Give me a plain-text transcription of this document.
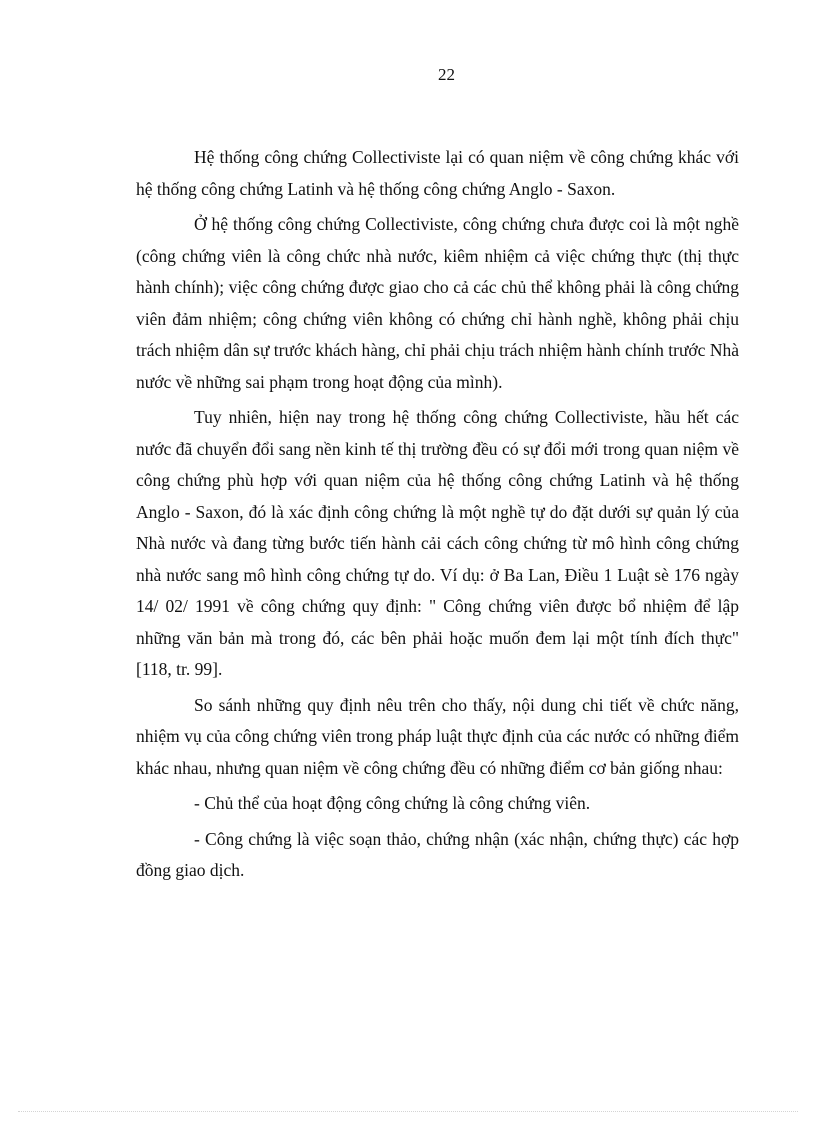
22

Hệ thống công chứng Collectiviste lại có quan niệm về công chứng khác với hệ thống công chứng Latinh và hệ thống công chứng Anglo - Saxon.

Ở hệ thống công chứng Collectiviste, công chứng chưa được coi là một nghề (công chứng viên là công chức nhà nước, kiêm nhiệm cả việc chứng thực (thị thực hành chính); việc công chứng được giao cho cả các chủ thể không phải là công chứng viên đảm nhiệm; công chứng viên không có chứng chỉ hành nghề, không phải chịu trách nhiệm dân sự trước khách hàng, chỉ phải chịu trách nhiệm hành chính trước Nhà nước về những sai phạm trong hoạt động của mình).

Tuy nhiên, hiện nay trong hệ thống công chứng Collectiviste, hầu hết các nước đã chuyển đổi sang nền kinh tế thị trường đều có sự đổi mới trong quan niệm về công chứng phù hợp với quan niệm của hệ thống công chứng Latinh và hệ thống Anglo - Saxon, đó là xác định công chứng là một nghề tự do đặt dưới sự quản lý của Nhà nước và đang từng bước tiến hành cải cách công chứng từ mô hình công chứng nhà nước sang mô hình công chứng tự do. Ví dụ: ở Ba Lan, Điều 1 Luật sè 176 ngày 14/ 02/ 1991 về công chứng quy định: " Công chứng viên được bổ nhiệm để lập những văn bản mà trong đó, các bên phải hoặc muốn đem lại một tính đích thực" [118, tr. 99].

So sánh những quy định nêu trên cho thấy, nội dung chi tiết về chức năng, nhiệm vụ của công chứng viên trong pháp luật thực định của các nước có những điểm khác nhau, nhưng quan niệm về công chứng đều có những điểm cơ bản giống nhau:

- Chủ thể của hoạt động công chứng là công chứng viên.

- Công chứng là việc soạn thảo, chứng nhận (xác nhận, chứng thực) các hợp đồng giao dịch.
